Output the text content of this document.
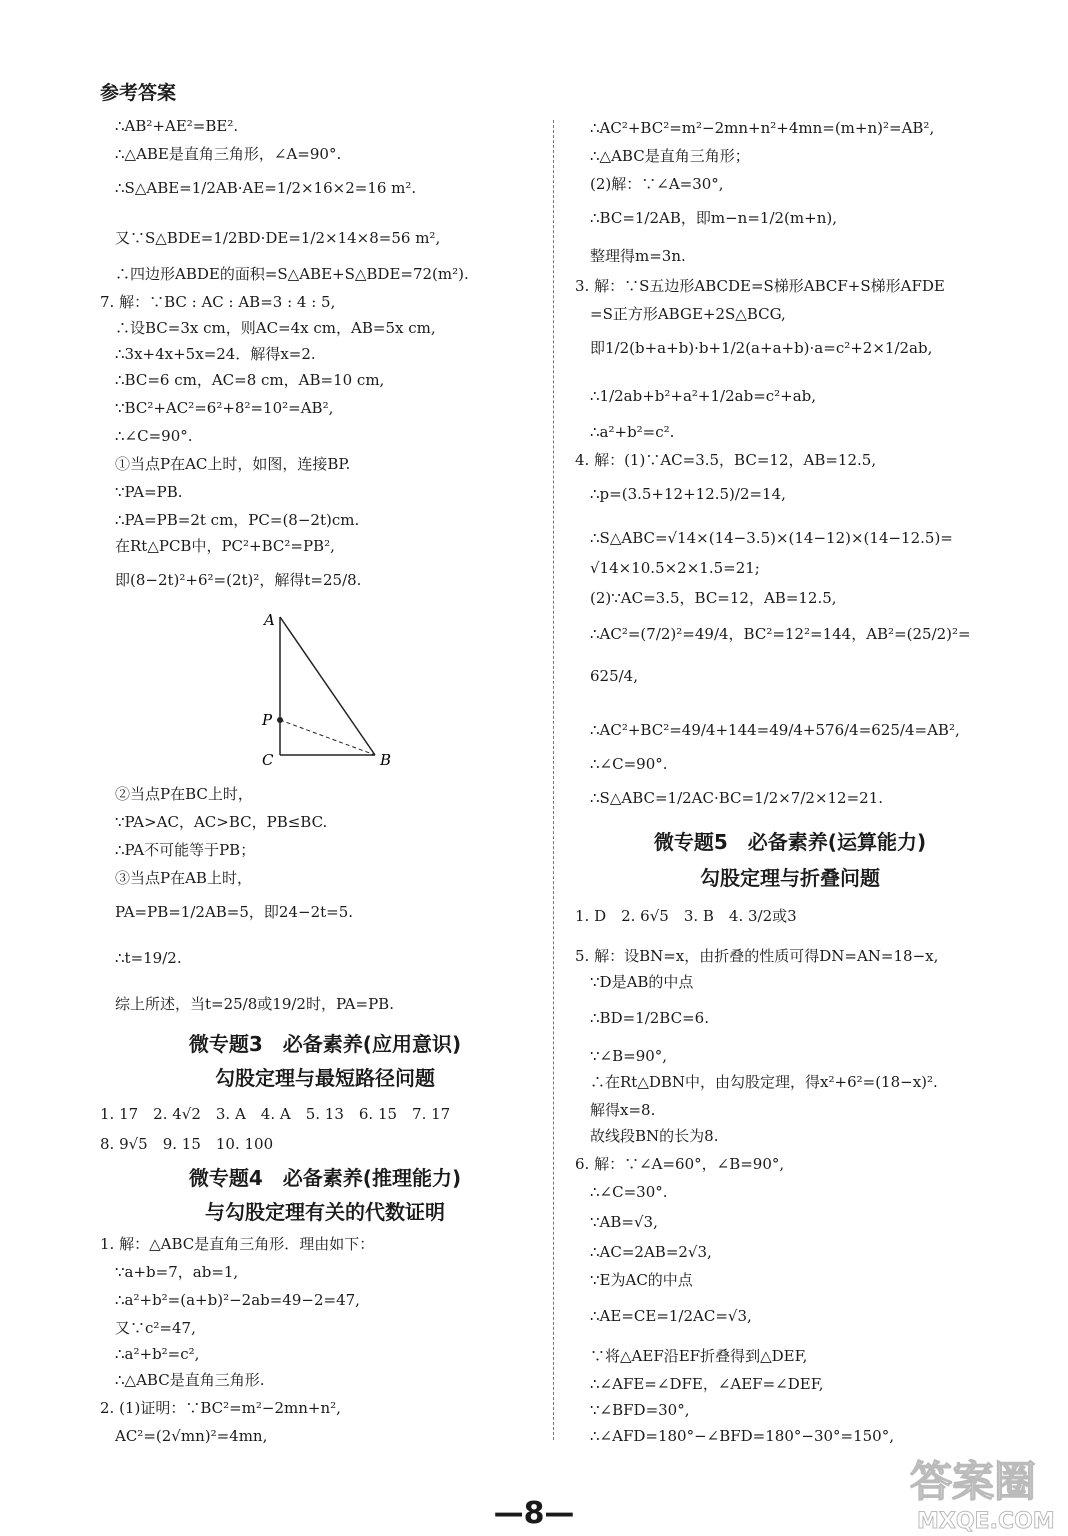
参考答案
∴AB²+AE²=BE².
∴△ABE是直角三角形，∠A=90°.
∴S△ABE=1/2AB·AE=1/2×16×2=16 m².
又∵S△BDE=1/2BD·DE=1/2×14×8=56 m²,
∴四边形ABDE的面积=S△ABE+S△BDE=72(m²).
7. 解：∵BC : AC : AB=3 : 4 : 5,
∴设BC=3x cm，则AC=4x cm，AB=5x cm,
∴3x+4x+5x=24．解得x=2.
∴BC=6 cm，AC=8 cm，AB=10 cm,
∵BC²+AC²=6²+8²=10²=AB²,
∴∠C=90°.
①当点P在AC上时，如图，连接BP.
∵PA=PB.
∴PA=PB=2t cm，PC=(8−2t)cm.
在Rt△PCB中，PC²+BC²=PB²,
即(8−2t)²+6²=(2t)²，解得t=25/8.
②当点P在BC上时，
∵PA>AC，AC>BC，PB≤BC.
∴PA不可能等于PB；
③当点P在AB上时，
PA=PB=1/2AB=5，即24−2t=5.
∴t=19/2.
综上所述，当t=25/8或19/2时，PA=PB.
微专题3　必备素养(应用意识)
勾股定理与最短路径问题
1. 17　2. 4√2　3. A　4. A　5. 13　6. 15　7. 17
8. 9√5　9. 15　10. 100
微专题4　必备素养(推理能力)
与勾股定理有关的代数证明
1. 解：△ABC是直角三角形．理由如下：
∵a+b=7，ab=1,
∴a²+b²=(a+b)²−2ab=49−2=47,
又∵c²=47,
∴a²+b²=c²,
∴△ABC是直角三角形.
2. (1)证明：∵BC²=m²−2mn+n²,
AC²=(2√mn)²=4mn,
∴AC²+BC²=m²−2mn+n²+4mn=(m+n)²=AB²,
∴△ABC是直角三角形；
(2)解：∵∠A=30°,
∴BC=1/2AB，即m−n=1/2(m+n),
整理得m=3n.
3. 解：∵S五边形ABCDE=S梯形ABCF+S梯形AFDE
=S正方形ABGE+2S△BCG,
即1/2(b+a+b)·b+1/2(a+a+b)·a=c²+2×1/2ab,
∴1/2ab+b²+a²+1/2ab=c²+ab,
∴a²+b²=c².
4. 解：(1)∵AC=3.5，BC=12，AB=12.5,
∴p=(3.5+12+12.5)/2=14,
∴S△ABC=√14×(14−3.5)×(14−12)×(14−12.5)=
√14×10.5×2×1.5=21;
(2)∵AC=3.5，BC=12，AB=12.5,
∴AC²=(7/2)²=49/4，BC²=12²=144，AB²=(25/2)²=
625/4,
∴AC²+BC²=49/4+144=49/4+576/4=625/4=AB²,
∴∠C=90°.
∴S△ABC=1/2AC·BC=1/2×7/2×12=21.
微专题5　必备素养(运算能力)
勾股定理与折叠问题
1. D　2. 6√5　3. B　4. 3/2或3
5. 解：设BN=x，由折叠的性质可得DN=AN=18−x,
∵D是AB的中点
∴BD=1/2BC=6.
∵∠B=90°,
∴在Rt△DBN中，由勾股定理，得x²+6²=(18−x)².
解得x=8.
故线段BN的长为8.
6. 解：∵∠A=60°，∠B=90°,
∴∠C=30°.
∵AB=√3,
∴AC=2AB=2√3,
∵E为AC的中点
∴AE=CE=1/2AC=√3,
∵将△AEF沿EF折叠得到△DEF,
∴∠AFE=∠DFE，∠AEF=∠DEF,
∵∠BFD=30°,
∴∠AFD=180°−∠BFD=180°−30°=150°,
A
P
C	B
—8—
答案圈
MXQE.COM
